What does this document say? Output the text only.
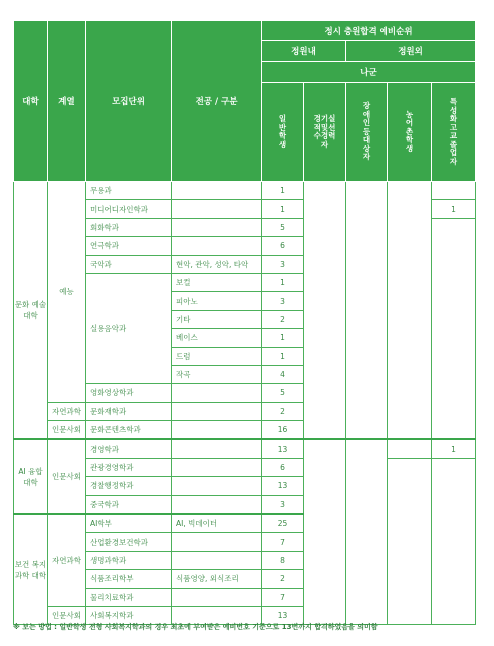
대학	계열	모집단위	전공 / 구분	정시 충원합격 예비순위				
				정원내		정원외		
				나군				
				일반학생	경기실적및선수경력자	장애인등대상자	농어촌학생	특성화고교졸업자
문화 예술 대학	예능	무용과		1				
		미디어디자인학과		1				1
		회화학과		5				
		연극학과		6				
		국악과	현악, 관악, 성악, 타악	3				
		실용음악과	보컬	1				
			피아노	3				
			기타	2				
			베이스	1				
			드럼	1				
			작곡	4				
		영화영상학과		5				
	자연과학	문화재학과		2				
	인문사회	문화콘텐츠학과		16				
AI 융합 대학	인문사회	경영학과		13				1
		관광경영학과		6				
		경찰행정학과		13				
		중국학과		3				
보건 복지 과학 대학	자연과학	AI학부	AI, 빅데이터	25				
		산업환경보건학과		7				
		생명과학과		8				
		식품조리학부	식품영양, 외식조리	2				
		물리치료학과		7				
	인문사회	사회복지학과		13				
※ 보는 방법 : 일반학생 전형 사회복지학과의 경우 최초에 부여받은 예비번호 기준으로 13번까지 합격하였음을 의미함
